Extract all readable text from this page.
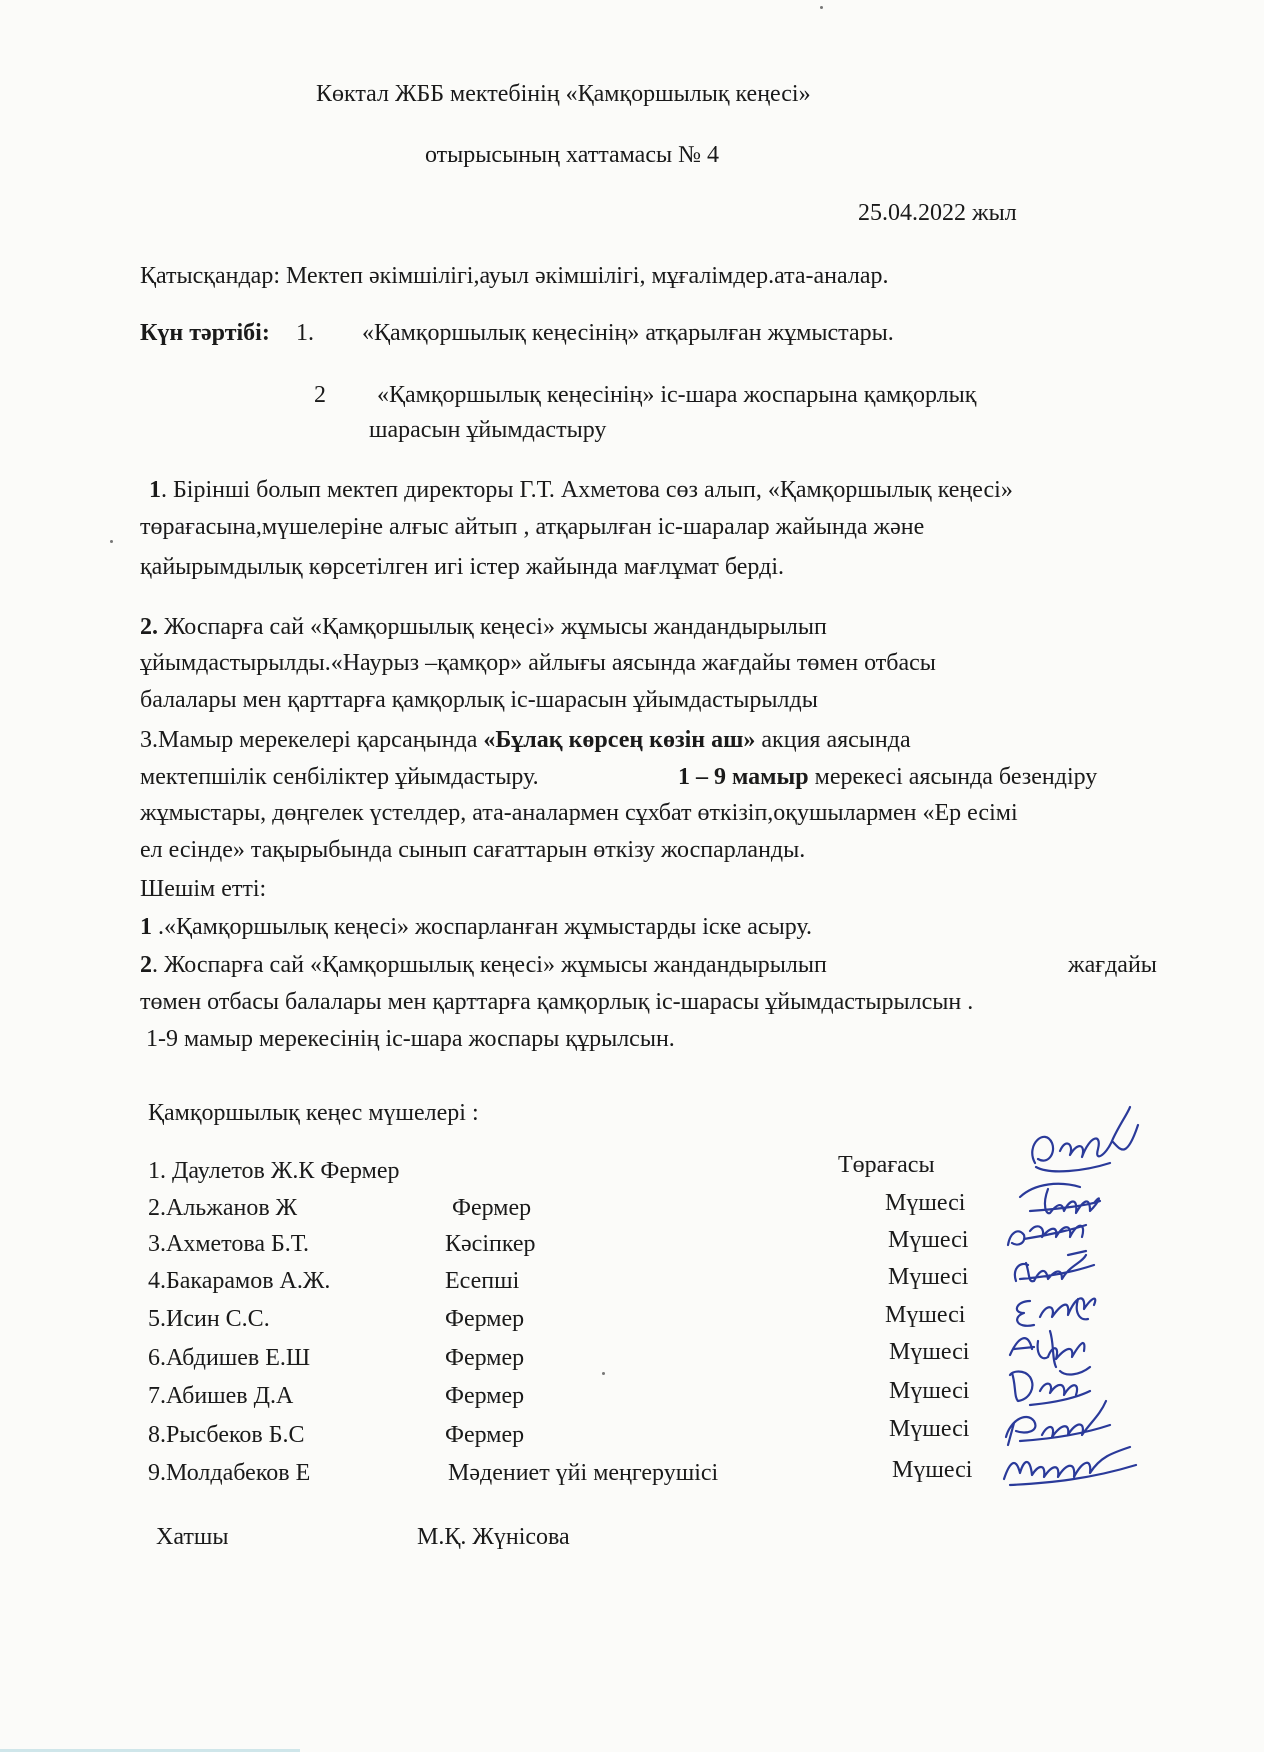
Көктал ЖББ мектебінің «Қамқоршылық кеңесі»
отырысының хаттамасы № 4
25.04.2022 жыл
Қатысқандар: Мектеп әкімшілігі,ауыл әкімшілігі, мұғалімдер.ата-аналар.
Күн тәртібі: 1. «Қамқоршылық кеңесінің» атқарылған жұмыстары.
2 «Қамқоршылық кеңесінің» іс-шара жоспарына қамқорлық
шарасын ұйымдастыру
1. Бірінші болып мектеп директоры Г.Т. Ахметова сөз алып, «Қамқоршылық кеңесі»
төрағасына,мүшелеріне алғыс айтып , атқарылған іс-шаралар жайында және
қайырымдылық көрсетілген игі істер жайында мағлұмат берді.
2. Жоспарға сай «Қамқоршылық кеңесі» жұмысы жандандырылып
ұйымдастырылды.«Наурыз –қамқор» айлығы аясында жағдайы төмен отбасы
балалары мен қарттарға қамқорлық іс-шарасын ұйымдастырылды
3.Мамыр мерекелері қарсаңында «Бұлақ көрсең көзін аш» акция аясында
мектепшілік сенбіліктер ұйымдастыру.	1 – 9 мамыр мерекесі аясында безендіру
жұмыстары, дөңгелек үстелдер, ата-аналармен сұхбат өткізіп,оқушылармен «Ер есімі
ел есінде» тақырыбында сынып сағаттарын өткізу жоспарланды.
Шешім етті:
1 .«Қамқоршылық кеңесі» жоспарланған жұмыстарды іске асыру.
2. Жоспарға сай «Қамқоршылық кеңесі» жұмысы жандандырылып	жағдайы
төмен отбасы балалары мен қарттарға қамқорлық іс-шарасы ұйымдастырылсын .
1-9 мамыр мерекесінің іс-шара жоспары құрылсын.
Қамқоршылық кеңес мүшелері :
1. Даулетов Ж.К Фермер	Төрағасы
2.Альжанов Ж	Фермер	Мүшесі
3.Ахметова Б.Т.	Кәсіпкер	Мүшесі
4.Бакарамов А.Ж.	Есепші	Мүшесі
5.Исин С.С.	Фермер	Мүшесі
6.Абдишев Е.Ш	Фермер	Мүшесі
7.Абишев Д.А	Фермер	Мүшесі
8.Рысбеков Б.С	Фермер	Мүшесі
9.Молдабеков Е	Мәдениет үйі меңгерушісі	Мүшесі
Хатшы	М.Қ. Жүнісова
